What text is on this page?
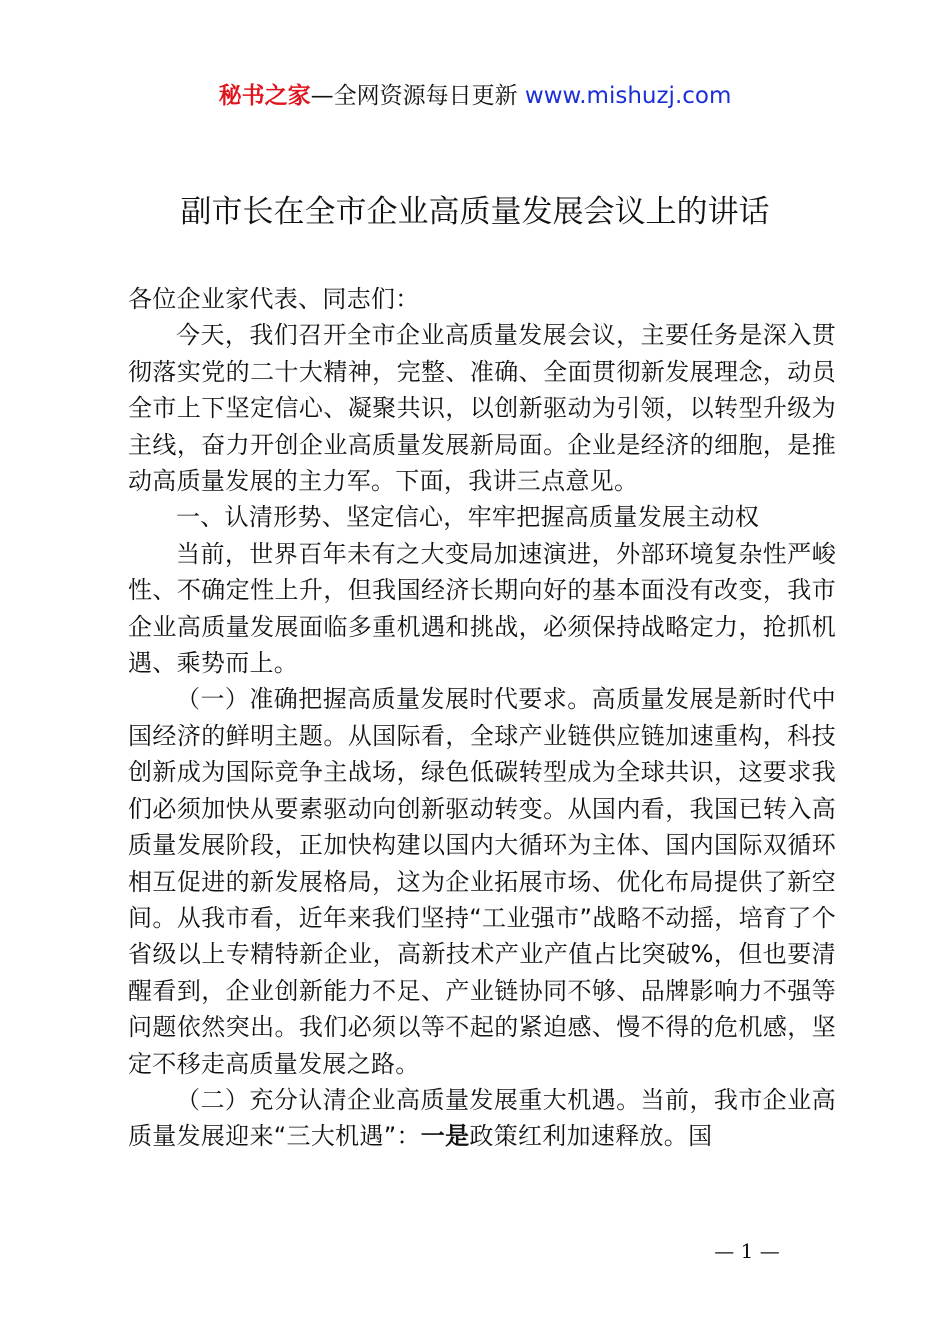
秘书之家—全网资源每日更新 www.mishuzj.com
副市长在全市企业高质量发展会议上的讲话

各位企业家代表、同志们：

今天，我们召开全市企业高质量发展会议，主要任务是深入贯彻落实党的二十大精神，完整、准确、全面贯彻新发展理念，动员全市上下坚定信心、凝聚共识，以创新驱动为引领，以转型升级为主线，奋力开创企业高质量发展新局面。企业是经济的细胞，是推动高质量发展的主力军。下面，我讲三点意见。

一、认清形势、坚定信心，牢牢把握高质量发展主动权

当前，世界百年未有之大变局加速演进，外部环境复杂性严峻性、不确定性上升，但我国经济长期向好的基本面没有改变，我市企业高质量发展面临多重机遇和挑战，必须保持战略定力，抢抓机遇、乘势而上。

（一）准确把握高质量发展时代要求。高质量发展是新时代中国经济的鲜明主题。从国际看，全球产业链供应链加速重构，科技创新成为国际竞争主战场，绿色低碳转型成为全球共识，这要求我们必须加快从要素驱动向创新驱动转变。从国内看，我国已转入高质量发展阶段，正加快构建以国内大循环为主体、国内国际双循环相互促进的新发展格局，这为企业拓展市场、优化布局提供了新空间。从我市看，近年来我们坚持“工业强市”战略不动摇，培育了个省级以上专精特新企业，高新技术产业产值占比突破%，但也要清醒看到，企业创新能力不足、产业链协同不够、品牌影响力不强等问题依然突出。我们必须以等不起的紧迫感、慢不得的危机感，坚定不移走高质量发展之路。

（二）充分认清企业高质量发展重大机遇。当前，我市企业高质量发展迎来“三大机遇”：一是政策红利加速释放。国

— 1 —
